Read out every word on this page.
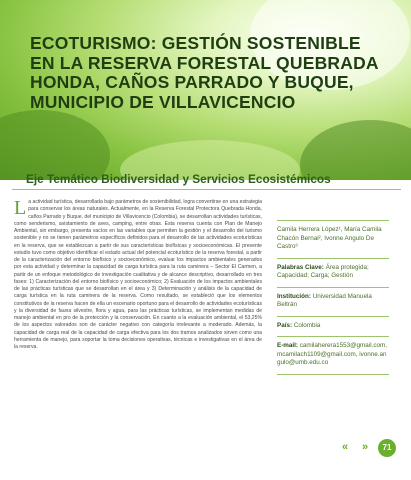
ECOTURISMO: GESTIÓN SOSTENIBLE EN LA RESERVA FORESTAL QUEBRADA HONDA, CAÑOS PARRADO Y BUQUE, MUNICIPIO DE VILLAVICENCIO
Eje Temático Biodiversidad y Servicios Ecosistémicos

La actividad turística, desarrollada bajo parámetros de sostenibilidad, logra convertirse en una estrategia para conservar los áreas naturales. Actualmente, en la Reserva Forestal Protectora Quebrada Honda, caños Parrado y Buque, del municipio de Villavicencio (Colombia), se desarrollan actividades turísticas, como senderismo, avistamiento de aves, camping, entre otras. Esta reserva cuenta con Plan de Manejo Ambiental, sin embargo, presenta vacíos en las variables que permiten la gestión y el desarrollo del turismo sostenible y no se tienen parámetros específicos definidos para el desarrollo de las actividades ecoturísticas en la reserva, que se establezcan a partir de sus características biofísicas y socioeconómicas. El presente estudio tuvo como objetivo identificar el estado actual del potencial ecoturístico de la reserva forestal, a partir de la caracterización del entorno biofísico y socioeconómico, evaluar los impactos ambientales generados por esta actividad y determinar la capacidad de carga turística para la ruta caminera – Sector El Carmen, a partir de un enfoque metodológico de investigación cualitativa y de alcance descriptivo, desarrollado en tres fases: 1) Caracterización del entorno biofísico y socioeconómico; 2) Evaluación de los impactos ambientales de las prácticas turísticas que se desarrollan en el área y 3) Determinación y análisis de la capacidad de carga turística en la ruta caminera de la reserva. Como resultado, se estableció que los elementos constitutivos de la reserva hacen de ella un escenario oportuno para el desarrollo de actividades ecoturísticas y la diversidad de fauna silvestre, flora y agua, para las prácticas turísticas, se implementan medidas de manejo ambiental en pro de la protección y la conservación. En cuanto a la evaluación ambiental, el 53,25% de los aspectos valorados son de carácter negativo con categoría irrelevante a moderado. Además, la capacidad de carga real de la capacidad de carga efectiva para los dos tramos analizados sirven como una herramienta de manejo, para soportar la toma decisiones operativas, técnicas e investigativas en el área de la reserva.

Camila Herrera López¹, María Camila Chacón Bernal², Ivonne Angulo De Castro³
Palabras Clave: Área protegida; Capacidad; Carga; Gestión
Institución: Universidad Manuela Beltrán
País: Colombia
E-mail: camilaherera1553@gmail.com, mcamilach1109@gmail.com, ivonne.angulo@umb.edu.co
« »	71
